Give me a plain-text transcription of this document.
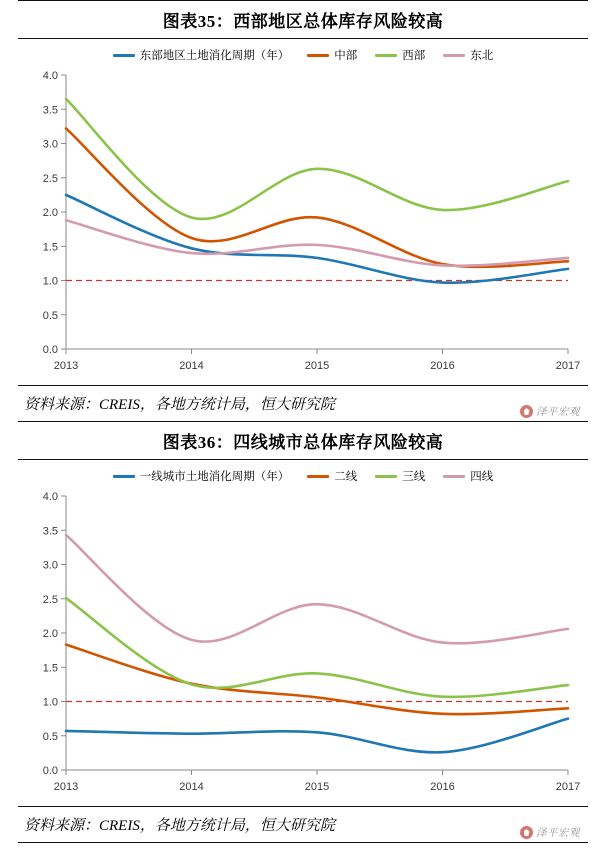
图表35：西部地区总体库存风险较高
东部地区土地消化周期（年）	中部	西部	东北
0.0
0.5
1.0
1.5
2.0
2.5
3.0
3.5
4.0
2013	2014	2015	2016	2017
资料来源：CREIS，各地方统计局，恒大研究院	泽平宏观
图表36：四线城市总体库存风险较高
一线城市土地消化周期（年）	二线	三线	四线
0.0
0.5
1.0
1.5
2.0
2.5
3.0
3.5
4.0
2013	2014	2015	2016	2017
资料来源：CREIS，各地方统计局，恒大研究院	泽平宏观
